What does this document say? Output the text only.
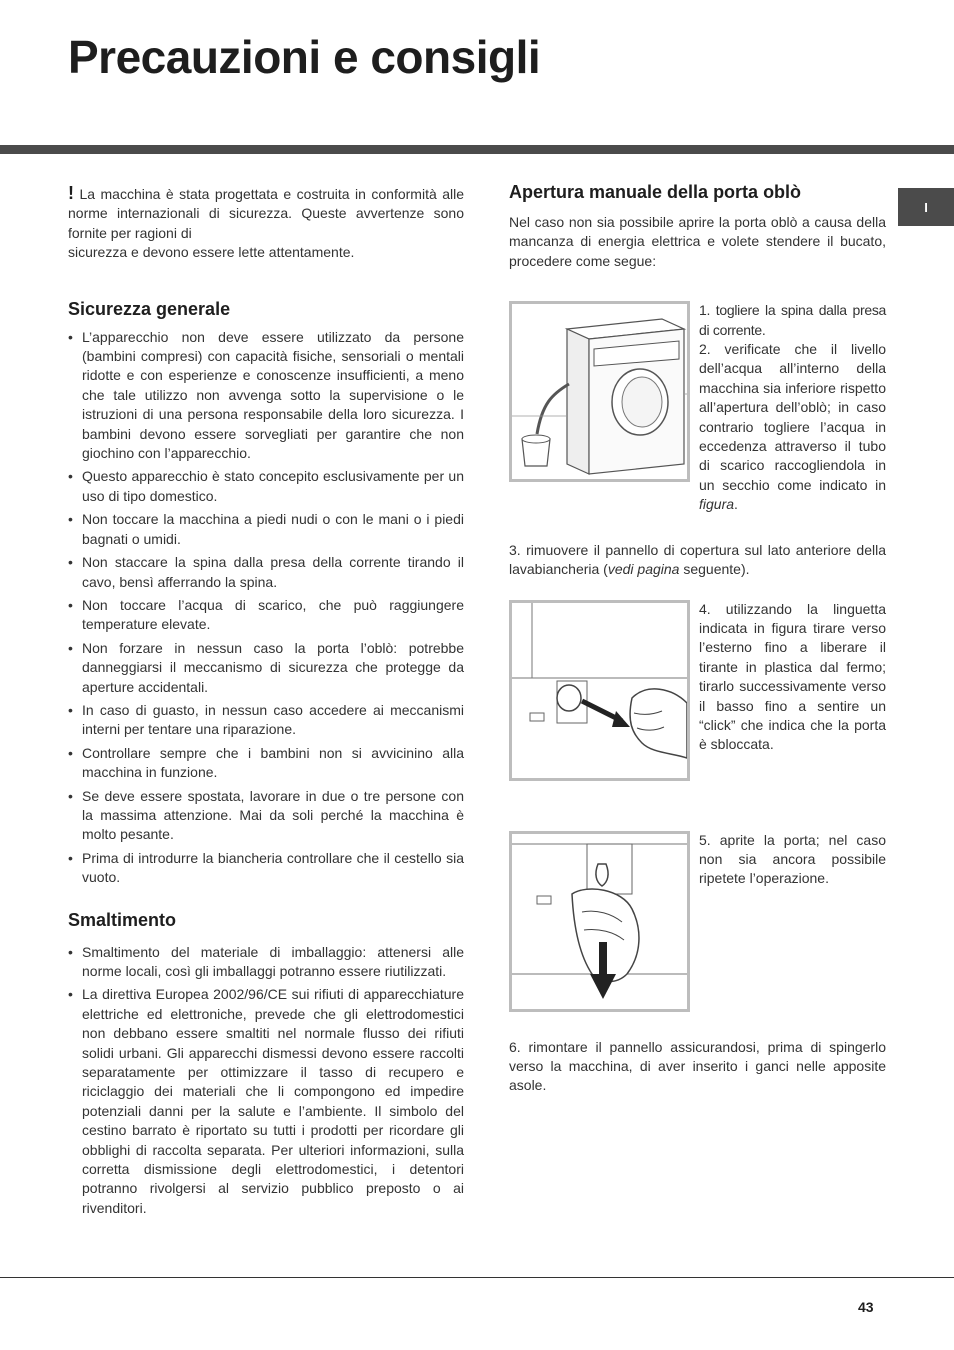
Precauzioni e consigli
I

! La macchina è stata progettata e costruita in conformità alle norme internazionali di sicurezza. Queste avvertenze sono fornite per ragioni di
sicurezza e devono essere lette attentamente.

Sicurezza generale
• L’apparecchio non deve essere utilizzato da persone (bambini compresi) con capacità fisiche, sensoriali o mentali ridotte e con esperienze e conoscenze insufficienti, a meno che tale utilizzo non avvenga sotto la supervisione o le istruzioni di una persona responsabile della loro sicurezza. I bambini devono essere sorvegliati per garantire che non giochino con l’apparecchio.
• Questo apparecchio è stato concepito esclusivamente per un uso di tipo domestico.
• Non toccare la macchina a piedi nudi o con le mani o i piedi bagnati o umidi.
• Non staccare la spina dalla presa della corrente tirando il cavo, bensì afferrando la spina.
• Non toccare l’acqua di scarico, che può raggiungere temperature elevate.
• Non forzare in nessun caso la porta l’oblò: potrebbe danneggiarsi il meccanismo di sicurezza che protegge da aperture accidentali.
• In caso di guasto, in nessun caso accedere ai meccanismi interni per tentare una riparazione.
• Controllare sempre che i bambini non si avvicinino alla macchina in funzione.
• Se deve essere spostata, lavorare in due o tre persone con la massima attenzione. Mai da soli perché la macchina è molto pesante.
• Prima di introdurre la biancheria controllare che il cestello sia vuoto.
Smaltimento
• Smaltimento del materiale di imballaggio: attenersi alle norme locali, così gli imballaggi potranno essere riutilizzati.
• La direttiva Europea 2002/96/CE sui rifiuti di apparecchiature elettriche ed elettroniche, prevede che gli elettrodomestici non debbano essere smaltiti nel normale flusso dei rifiuti solidi urbani. Gli apparecchi dismessi devono essere raccolti separatamente per ottimizzare il tasso di recupero e riciclaggio dei materiali che li compongono ed impedire potenziali danni per la salute e l’ambiente. Il simbolo del cestino barrato è riportato su tutti i prodotti per ricordare gli obblighi di raccolta separata. Per ulteriori informazioni, sulla corretta dismissione degli elettrodomestici, i detentori potranno rivolgersi al servizio pubblico preposto o ai rivenditori.
Apertura manuale della porta oblò

Nel caso non sia possibile aprire la porta oblò a causa della mancanza di energia elettrica e volete stendere il bucato, procedere come segue:

1. togliere la spina dalla presa di corrente.

2. verificate che il livello dell’acqua all’interno della macchina sia inferiore rispetto all’apertura dell’oblò; in caso contrario togliere l’acqua in eccedenza attraverso il tubo di scarico raccogliendola in un secchio come indicato in figura.

3. rimuovere il pannello di copertura sul lato anteriore della lavabiancheria (vedi pagina seguente).

4. utilizzando la linguetta indicata in figura tirare verso l’esterno fino a liberare il tirante in plastica dal fermo; tirarlo successivamente verso il basso fino a sentire un “click” che indica che la porta è sbloccata.

5. aprite la porta; nel caso non sia ancora possibile ripetete l’operazione.

6. rimontare il pannello assicurandosi, prima di spingerlo verso la macchina, di aver inserito i ganci nelle apposite asole.

43
